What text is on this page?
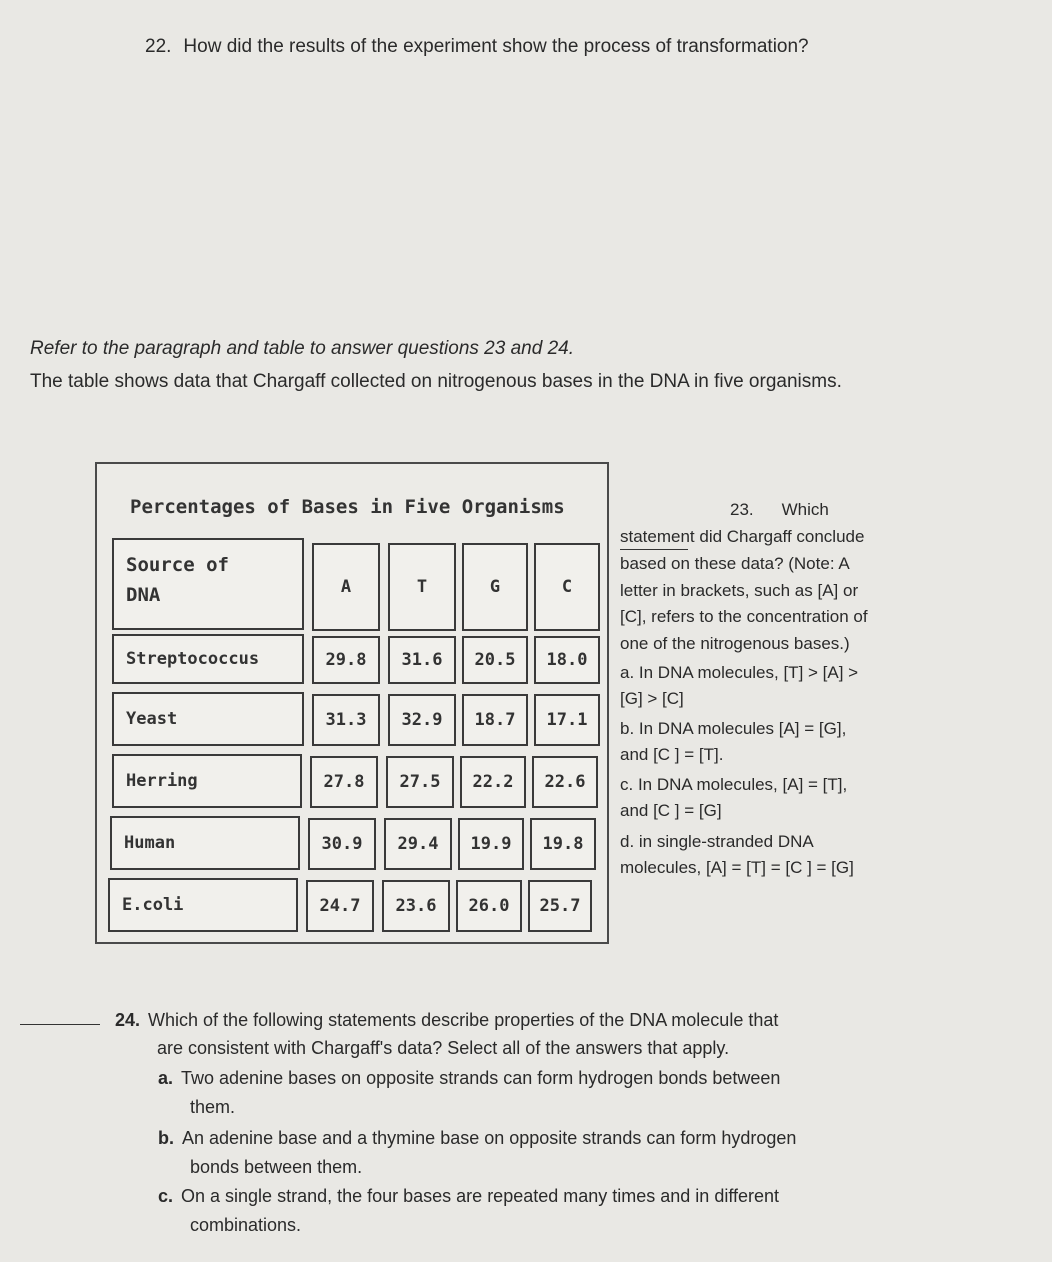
22. How did the results of the experiment show the process of transformation?
Refer to the paragraph and table to answer questions 23 and 24.
The table shows data that Chargaff collected on nitrogenous bases in the DNA in five organisms.
Percentages of Bases in Five Organisms
Source of
DNA	A	T	G	C
Streptococcus	29.8	31.6	20.5	18.0
Yeast	31.3	32.9	18.7	17.1
Herring	27.8	27.5	22.2	22.6
Human	30.9	29.4	19.9	19.8
E.coli	24.7	23.6	26.0	25.7
23. Which
statement did Chargaff conclude
based on these data? (Note: A
letter in brackets, such as [A] or
[C], refers to the concentration of
one of the nitrogenous bases.)
a. In DNA molecules, [T] > [A] >
[G] > [C]
b. In DNA molecules [A] = [G],
and [C ] = [T].
c. In DNA molecules, [A] = [T],
and [C ] = [G]
d. in single-stranded DNA
molecules, [A] = [T] = [C ] = [G]
24. Which of the following statements describe properties of the DNA molecule that
are consistent with Chargaff's data? Select all of the answers that apply.
a. Two adenine bases on opposite strands can form hydrogen bonds between
them.
b. An adenine base and a thymine base on opposite strands can form hydrogen
bonds between them.
c. On a single strand, the four bases are repeated many times and in different
combinations.
